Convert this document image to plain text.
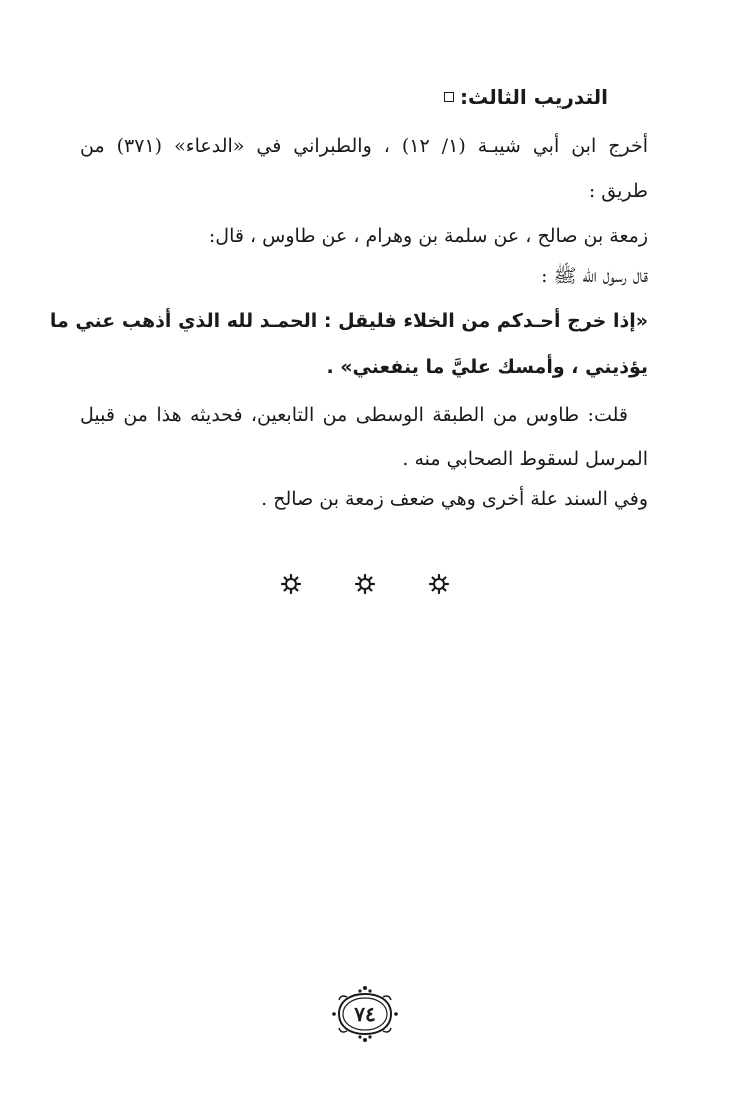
التدريب الثالث:
أخرج ابن أبي شيبـة (١/ ١٢) ، والطبراني في «الدعاء» (٣٧١) من
طريق :
زمعة بن صالح ، عن سلمة بن وهرام ، عن طاوس ، قال:
قال رسول الله ﷺ :
«إذا خرج أحـدكم من الخلاء فليقل : الحمـد لله الذي أذهب عني ما
يؤذيني ، وأمسك عليَّ ما ينفعني» .
قلت: طاوس من الطبقة الوسطى من التابعين، فحديثه هذا من قبيل
المرسل لسقوط الصحابي منه .
وفي السند علة أخرى وهي ضعف زمعة بن صالح .
٧٤
